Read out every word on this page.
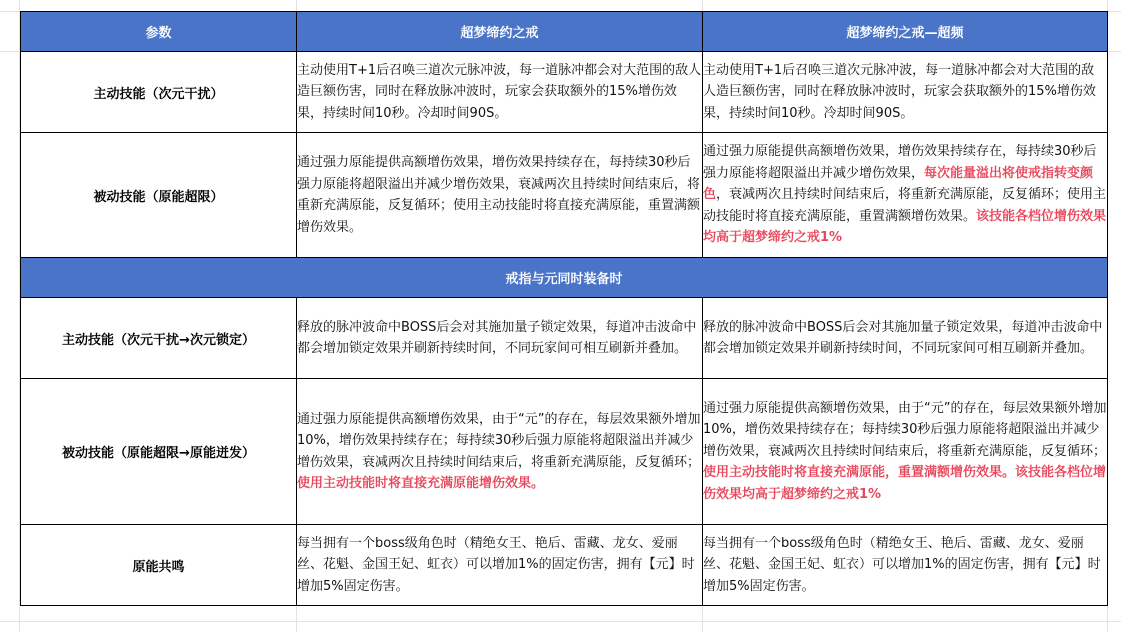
参数	超梦缔约之戒	超梦缔约之戒—超频
主动技能（次元干扰）	主动使用T+1后召唤三道次元脉冲波，每一道脉冲都会对大范围的敌人造巨额伤害，同时在释放脉冲波时，玩家会获取额外的15%增伤效果，持续时间10秒。冷却时间90S。	主动使用T+1后召唤三道次元脉冲波，每一道脉冲都会对大范围的敌人造巨额伤害，同时在释放脉冲波时，玩家会获取额外的15%增伤效果，持续时间10秒。冷却时间90S。
被动技能（原能超限）	通过强力原能提供高额增伤效果，增伤效果持续存在，每持续30秒后强力原能将超限溢出并减少增伤效果，衰减两次且持续时间结束后，将重新充满原能，反复循环；使用主动技能时将直接充满原能，重置满额增伤效果。	通过强力原能提供高额增伤效果，增伤效果持续存在，每持续30秒后强力原能将超限溢出并减少增伤效果，每次能量溢出将使戒指转变颜色，衰减两次且持续时间结束后，将重新充满原能，反复循环；使用主动技能时将直接充满原能，重置满额增伤效果。该技能各档位增伤效果均高于超梦缔约之戒1%
戒指与元同时装备时		
主动技能（次元干扰→次元锁定）	释放的脉冲波命中BOSS后会对其施加量子锁定效果，每道冲击波命中都会增加锁定效果并刷新持续时间，不同玩家间可相互刷新并叠加。	释放的脉冲波命中BOSS后会对其施加量子锁定效果，每道冲击波命中都会增加锁定效果并刷新持续时间，不同玩家间可相互刷新并叠加。
被动技能（原能超限→原能迸发）	通过强力原能提供高额增伤效果，由于“元”的存在，每层效果额外增加10%，增伤效果持续存在；每持续30秒后强力原能将超限溢出并减少增伤效果，衰减两次且持续时间结束后，将重新充满原能，反复循环；使用主动技能时将直接充满原能增伤效果。	通过强力原能提供高额增伤效果，由于“元”的存在，每层效果额外增加10%，增伤效果持续存在；每持续30秒后强力原能将超限溢出并减少增伤效果，衰减两次且持续时间结束后，将重新充满原能，反复循环；使用主动技能时将直接充满原能，重置满额增伤效果。该技能各档位增伤效果均高于超梦缔约之戒1%
原能共鸣	每当拥有一个boss级角色时（精绝女王、艳后、雷藏、龙女、爱丽丝、花魁、金国王妃、虹衣）可以增加1%的固定伤害，拥有【元】时增加5%固定伤害。	每当拥有一个boss级角色时（精绝女王、艳后、雷藏、龙女、爱丽丝、花魁、金国王妃、虹衣）可以增加1%的固定伤害，拥有【元】时增加5%固定伤害。
